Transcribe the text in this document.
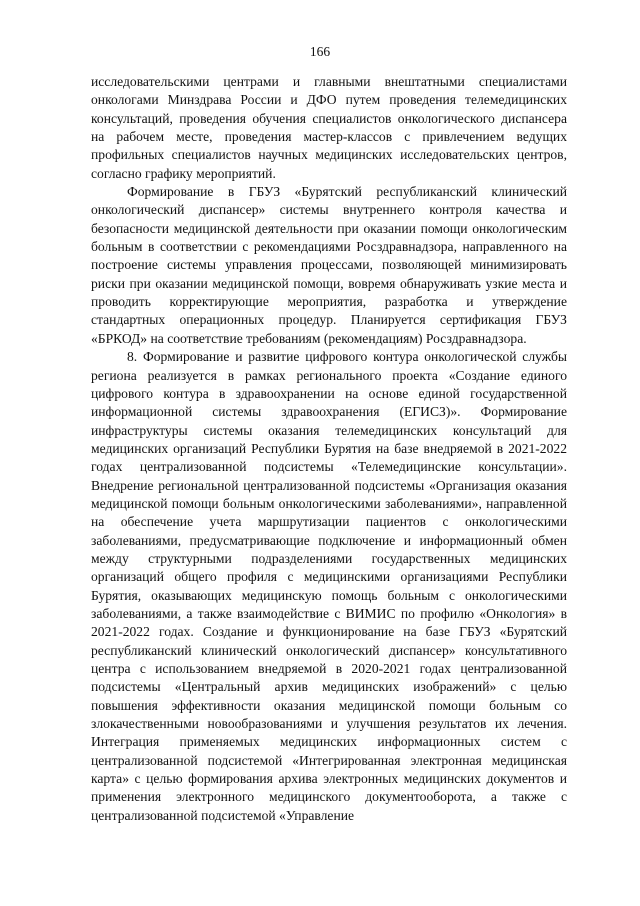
166

исследовательскими центрами и главными внештатными специалистами онкологами Минздрава России и ДФО путем проведения телемедицинских консультаций, проведения обучения специалистов онкологического диспансера на рабочем месте, проведения мастер-классов с привлечением ведущих профильных специалистов научных медицинских исследовательских центров, согласно графику мероприятий.

Формирование в ГБУЗ «Бурятский республиканский клинический онкологический диспансер» системы внутреннего контроля качества и безопасности медицинской деятельности при оказании помощи онкологическим больным в соответствии с рекомендациями Росздравнадзора, направленного на построение системы управления процессами, позволяющей минимизировать риски при оказании медицинской помощи, вовремя обнаруживать узкие места и проводить корректирующие мероприятия, разработка и утверждение стандартных операционных процедур. Планируется сертификация ГБУЗ «БРКОД» на соответствие требованиям (рекомендациям) Росздравнадзора.

8. Формирование и развитие цифрового контура онкологической службы региона реализуется в рамках регионального проекта «Создание единого цифрового контура в здравоохранении на основе единой государственной информационной системы здравоохранения (ЕГИСЗ)». Формирование инфраструктуры системы оказания телемедицинских консультаций для медицинских организаций Республики Бурятия на базе внедряемой в 2021-2022 годах централизованной подсистемы «Телемедицинские консультации». Внедрение региональной централизованной подсистемы «Организация оказания медицинской помощи больным онкологическими заболеваниями», направленной на обеспечение учета маршрутизации пациентов с онкологическими заболеваниями, предусматривающие подключение и информационный обмен между структурными подразделениями государственных медицинских организаций общего профиля с медицинскими организациями Республики Бурятия, оказывающих медицинскую помощь больным с онкологическими заболеваниями, а также взаимодействие с ВИМИС по профилю «Онкология» в 2021-2022 годах. Создание и функционирование на базе ГБУЗ «Бурятский республиканский клинический онкологический диспансер» консультативного центра с использованием внедряемой в 2020-2021 годах централизованной подсистемы «Центральный архив медицинских изображений» с целью повышения эффективности оказания медицинской помощи больным со злокачественными новообразованиями и улучшения результатов их лечения. Интеграция применяемых медицинских информационных систем с централизованной подсистемой «Интегрированная электронная медицинская карта» с целью формирования архива электронных медицинских документов и применения электронного медицинского документооборота, а также с централизованной подсистемой «Управление
